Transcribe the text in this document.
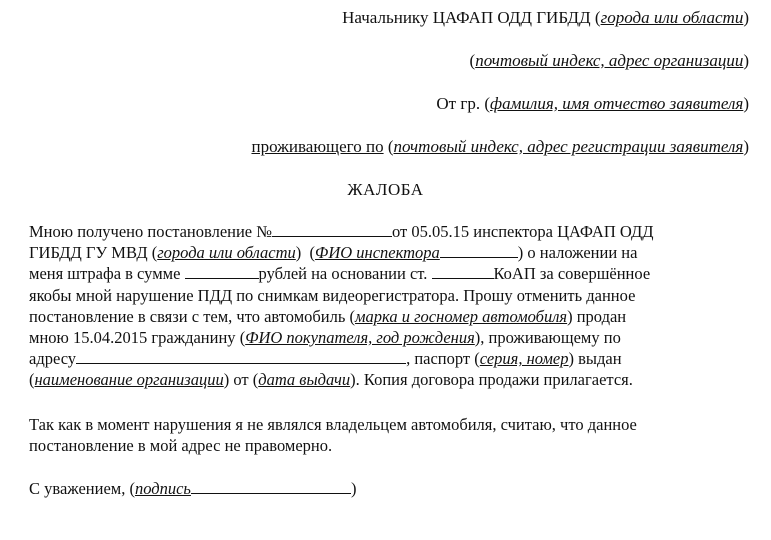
Начальнику ЦАФАП ОДД ГИБДД (города или области)
(почтовый индекс, адрес организации)
От гр. (фамилия, имя отчество заявителя)
проживающего по (почтовый индекс, адрес регистрации заявителя)
ЖАЛОБА
Мною получено постановление №	от 05.05.15 инспектора ЦАФАП ОДД
ГИБДД ГУ МВД (города или области)  (ФИО инспектора	) о наложении на
меня штрафа в сумме	рублей на основании ст.	КоАП за совершённое
якобы мной нарушение ПДД по снимкам видеорегистратора. Прошу отменить данное
постановление в связи с тем, что автомобиль (марка и госномер автомобиля) продан
мною 15.04.2015 гражданину (ФИО покупателя, год рождения), проживающему по
адресу	, паспорт (серия, номер) выдан
(наименование организации) от (дата выдачи). Копия договора продажи прилагается.
Так как в момент нарушения я не являлся владельцем автомобиля, считаю, что данное
постановление в мой адрес не правомерно.
С уважением, (подпись	)
